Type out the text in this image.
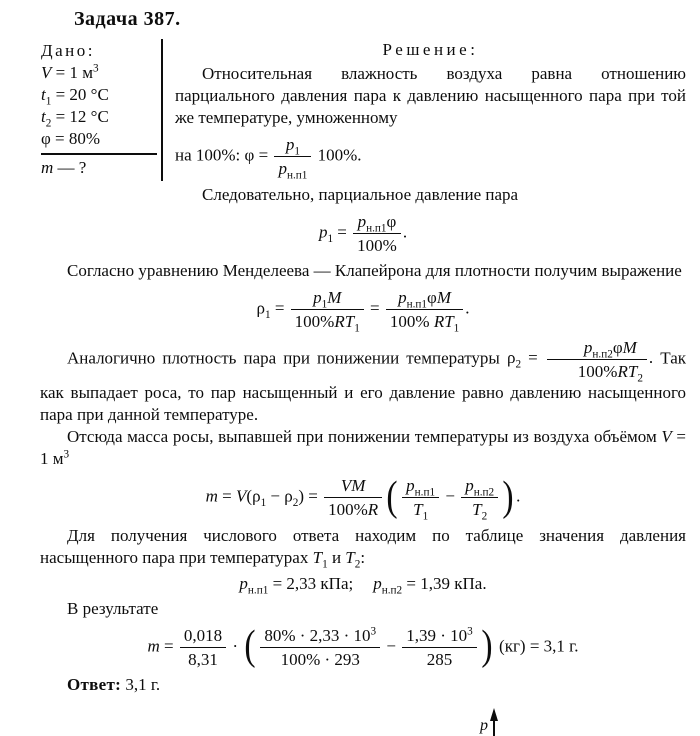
Задача 387.
Дано:
V = 1 $м^3$
$t_1 = 20$ °C
$t_2 = 12$ °C
φ = 80%
m — ?
Решение:

Относительная влажность воздуха равна отношению парциального давления пара к давлению насыщенного пара при той же температуре, умноженному

на 100%: $\varphi = \frac{p_1}{p_{н.п1}} 100\%$.

Следовательно, парциальное давление пара

$p_1 = \frac{p_{н.п1}\varphi}{100\%}$ .

Согласно уравнению Менделеева — Клапейрона для плотности получим выражение

$\rho_1 = \frac{p_1M}{100\%RT_1} = \frac{p_{н.п1}\varphi M}{100\% RT_1}$ .

Аналогично плотность пара при понижении температуры $\rho_2 = \frac{p_{н.п2}\varphi M}{100\%RT_2}$ . Так как выпадает роса, то пар насыщенный и его давление равно давлению насыщенного пара при данной температуре.

Отсюда масса росы, выпавшей при понижении температуры из воздуха объёмом V = 1 $м^3$

$m = V(\rho_1 - \rho_2) = \frac{VM}{100\%R}$ ( $\frac{p_{н.п1}}{T_1} - \frac{p_{н.п2}}{T_2}$ ) .

Для получения числового ответа находим по таблице значения давления насыщенного пара при температурах $T_1$ и $T_2$:

$p_{н.п1} = 2,33$ кПа; $p_{н.п2} = 1,39$ кПа.

В результате

$m = \frac{0,018}{8,31}$ · ( $\frac{80\% \cdot 2,33 \cdot 10^3}{100\% \cdot 293} - \frac{1,39 \cdot 10^3}{285}$ ) (кг) = 3,1 г.

Ответ: 3,1 г.

p
